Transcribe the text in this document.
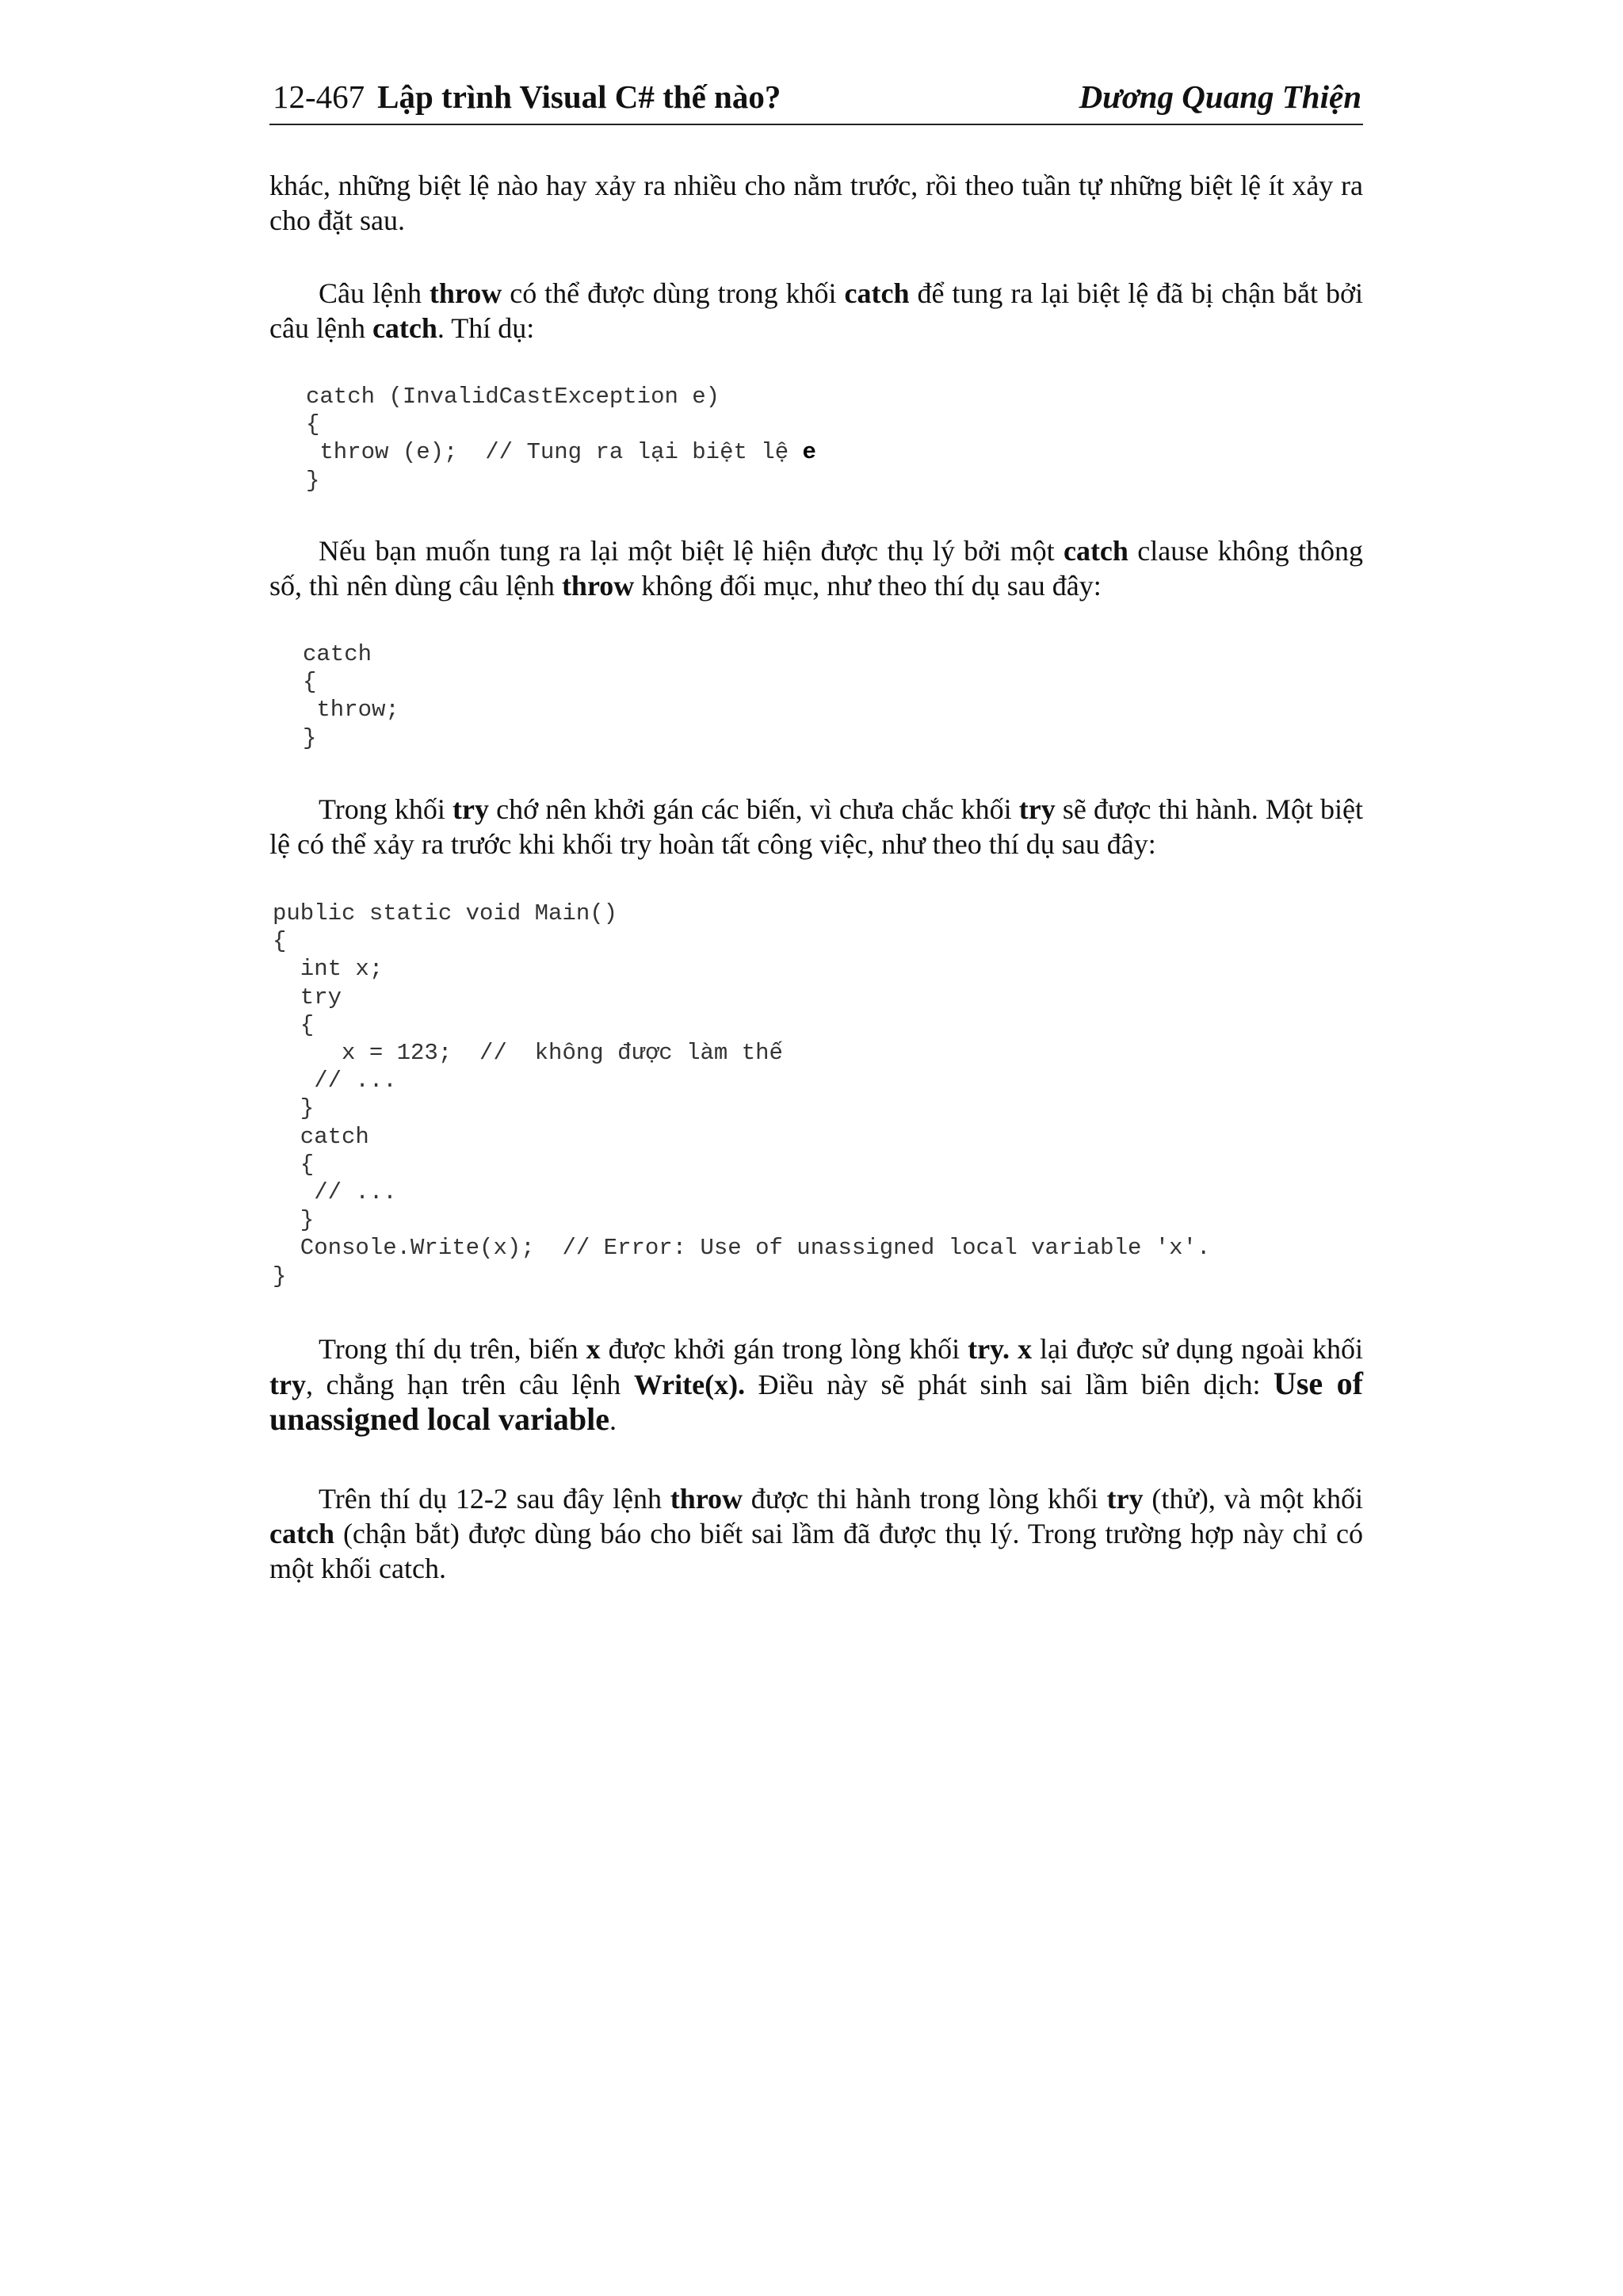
12-467 Lập trình Visual C# thế nào?	Dương Quang Thiện

khác, những biệt lệ nào hay xảy ra nhiều cho nằm trước, rồi theo tuần tự những biệt lệ ít xảy ra cho đặt sau.

Câu lệnh throw có thể được dùng trong khối catch để tung ra lại biệt lệ đã bị chận bắt bởi câu lệnh catch. Thí dụ:

catch (InvalidCastException e)
{
throw (e);  // Tung ra lại biệt lệ e
}

Nếu bạn muốn tung ra lại một biệt lệ hiện được thụ lý bởi một catch clause không thông số, thì nên dùng câu lệnh throw không đối mục, như theo thí dụ sau đây:

catch
{
throw;
}

Trong khối try chớ nên khởi gán các biến, vì chưa chắc khối try sẽ được thi hành. Một biệt lệ có thể xảy ra trước khi khối try hoàn tất công việc, như theo thí dụ sau đây:

public static void Main()
{
int x;
try
{
x = 123;  //  không được làm thế
// ...
}
catch
{
// ...
}
Console.Write(x);  // Error: Use of unassigned local variable 'x'.
}

Trong thí dụ trên, biến x được khởi gán trong lòng khối try. x lại được sử dụng ngoài khối try, chẳng hạn trên câu lệnh Write(x). Điều này sẽ phát sinh sai lầm biên dịch: Use of unassigned local variable.

Trên thí dụ 12-2 sau đây lệnh throw được thi hành trong lòng khối try (thử), và một khối catch (chận bắt) được dùng báo cho biết sai lầm đã được thụ lý. Trong trường hợp này chỉ có một khối catch.
